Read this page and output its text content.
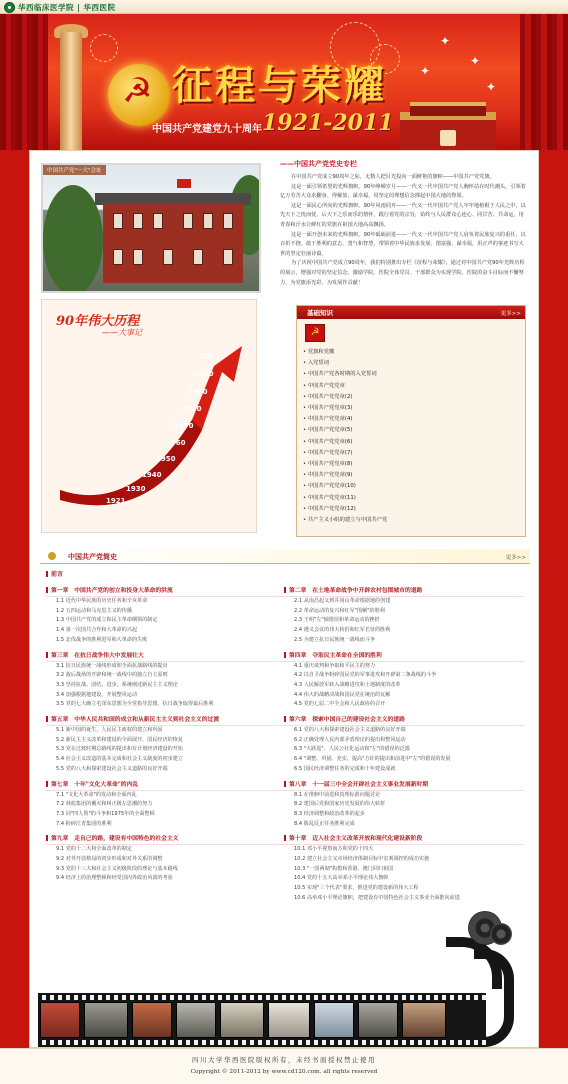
华西临床医学院 | 华西医院
✦
✦
✦
✦
☭ 征程与荣耀
中国共产党建党九十周年 1921-2011
中国共产党"一大"会址
——中国共产党党史专栏

在中国共产党成立90周年之际，无数人把目光投向一面鲜艳的旗帜——中国共产党党旗。

这是一面引领希望的光辉旗帜。90年峥嵘岁月——一代又一代中国共产党人胸怀站在时代潮头，引领着亿万劳苦大众求翻身、得解放、谋幸福，用坚定的理想信念撑起中国大地的脊梁。

这是一面民心所向的光辉旗帜。90年风雨同舟——一代又一代中国共产党人牢牢地植根于人民之中，以先天下之忧而忧、后天下之乐而乐的情怀，践行着党的宗旨，始终与人民群众心连心、同甘苦、共命运，用青春和汗水让鲜红的党旗在祖国大地高高飘扬。

这是一面开创未来的光辉旗帜。90年砥砺前进——一代又一代中国共产党人肩负着民族复兴的重任，以百折不挠、敢于胜利的意志，勇气和智慧，带领着中华民族求发展、图富强、谋幸福，用正声的事迹书写大世的坚定壮丽诗篇。

为了庆祝中国共产党成立90周年，我们特别推出专栏《征程与荣耀》，通过对中国共产党90年光辉历程的展示，增强对党的坚定信念，激励学院、医院全体党员、干部群众为实现学院、医院的奋斗目标而不懈努力，为党旗添光彩，为发展作贡献！

90年伟大历程
——大事记
2011
2000
1990
1980
1970
1960
1950
1940
1930
1921
基础知识	更多>>
☭
• 党旗和党徽
• 入党誓词
• 中国共产党各时期的入党誓词
• 中国共产党党章
• 中国共产党党章(2)
• 中国共产党党章(3)
• 中国共产党党章(4)
• 中国共产党党章(5)
• 中国共产党党章(6)
• 中国共产党党章(7)
• 中国共产党党章(8)
• 中国共产党党章(9)
• 中国共产党党章(10)
• 中国共产党党章(11)
• 中国共产党党章(12)
• 共产主义小组的建立与中国共产党
中国共产党简史	更多>>
前言
第一章　中国共产党的创立和投身大革命的洪流
1.1 近代中华民族的历史任务和辛亥革命
1.2 五四运动和马克思主义的传播
1.3 中国共产党的成立和民主革命纲领的制定
1.4 第一次国共合作和大革命的兴起
1.5 北伐战争的胜利进军和大革命的失败
第三章　在抗日战争伟大中发展壮大
3.1 抗日民族统一战线形成和全面抗战路线的提出
3.2 敌后战场的开辟和统一战线中的独立自主原则
3.3 坚持抗战、团结、进步，系统阐述新民主主义理论
3.4 加强根据地建设，开展整风运动
3.5 党的七大确立毛泽东思想为全党指导思想，抗日战争取得最后胜利
第五章　中华人民共和国的成立和从新民主主义到社会主义的过渡
5.1 新中国的诞生，人民民主政权的建立和巩固
5.2 新民主主义改革和建设的全面展开，国民经济的恢复
5.3 党在过渡时期总路线的提出和有计划经济建设的开始
5.4 社会主义改造的基本完成和社会主义制度的初步建立
5.5 党的八大和探索建设社会主义道路的良好开端
第七章　十年"文化大革命"的内乱
7.1 "文化大革命"的发动和全面内乱
7.2 林彪集团的覆灭和纠正极左思潮的努力
7.3 同"四人帮"的斗争和1975年的全面整顿
7.4 粉碎江青集团的胜利
第九章　走自己的路，建设有中国特色的社会主义
9.1 党的十二大和全面改革的制定
9.2 对外开放格局的初步形成和对外关系的调整
9.3 党的十三大和社会主义初级阶段的理论与基本路线
9.4 经济上的治理整顿和经受国内外政治风波的考验
第二章　在土地革命战争中开辟农村包围城市的道路
2.1 从南昌起义到井冈山革命根据地的创建
2.2 革命运动的复兴和红军"围剿"的胜利
2.3 王明"左"倾错误和革命运动的挫折
2.4 遵义会议的伟大转折和红军长征的胜利
2.5 为建立抗日民族统一战线而斗争
第四章　夺取民主革命在全国的胜利
4.1 重庆谈判和争取和平民主的努力
4.2 以自卫战争粉碎国民党的军事进攻和开辟第二条战线的斗争
4.3 人民解放军转入战略进攻和土地制度的改革
4.4 伟大的战略决战和国民党在统治的瓦解
4.5 党的七届二中全会和人民政协的召开
第六章　探索中国自己的建设社会主义的道路
6.1 党的八大和探索建设社会主义道路的良好开端
6.2 正确处理人民内部矛盾理论的提出和整风运动
6.3 "大跃进"、人民公社化运动和"左"的错误的泛滥
6.4 "调整、巩固、充实、提高"方针的提出和前进中"左"的错误的发展
6.5 国民经济调整任务的完成和十年建设成就
第八章　十一届三中全会开辟社会主义事业发展新时期
8.1 在徘徊中前进和真理标准问题讨论
8.2 建国后党和国家历史发展的伟大转折
8.3 经济调整和政治改革的起步
8.4 拨乱反正任务胜利完成
第十章　迈入社会主义改革开放和现代化建设新阶段
10.1 邓小平视察南方和党的十四大
10.2 建立社会主义市场经济体制目标中宏观调控的成功实施
10.3 "一国两制"构想和香港、澳门回归祖国
10.4 党的十五大高举邓小平理论伟大旗帜
10.5 实现"三个代表"要求，推进党的建设新的伟大工程
10.6 高举邓小平理论旗帜，把建设有中国特色社会主义事业全面推向前进
四川大学华西医院版权所有，未经书面授权禁止使用
Copyright © 2011-2012 by www.cd120.com. all rights reserved
